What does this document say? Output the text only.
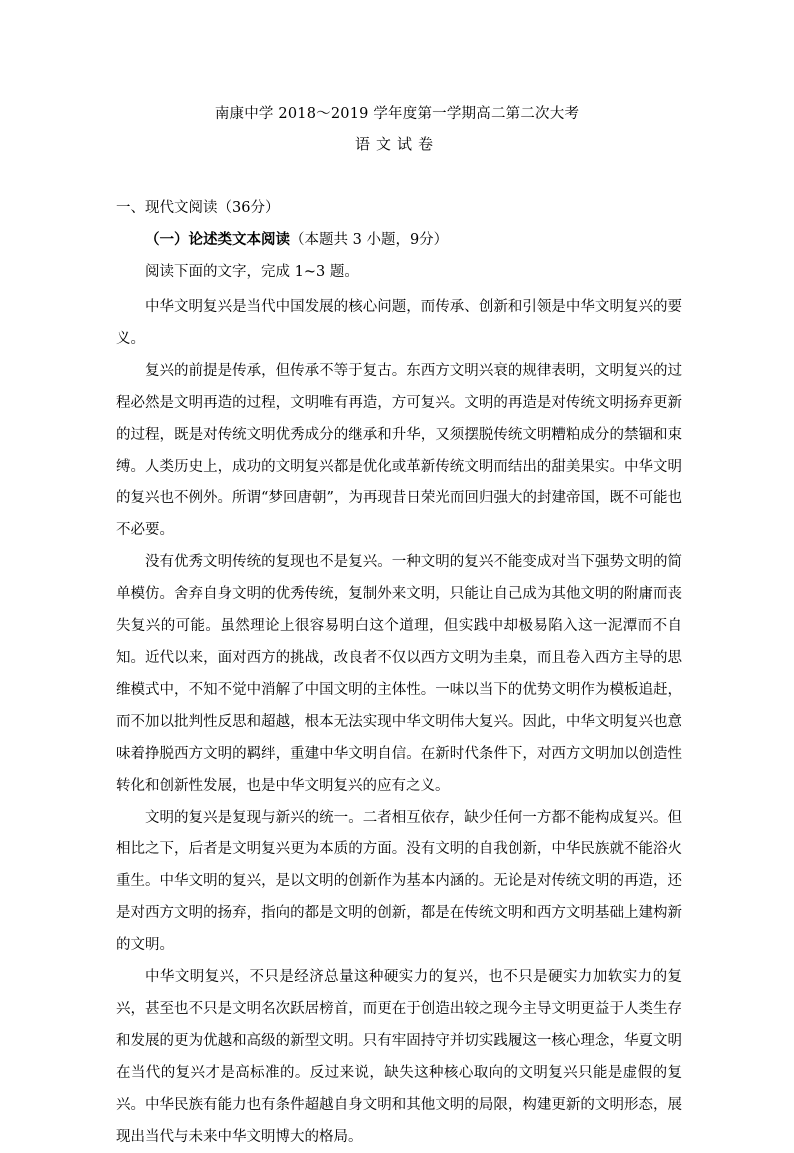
南康中学 2018～2019 学年度第一学期高二第二次大考
语文试卷
一、现代文阅读（36分）
（一）论述类文本阅读（本题共 3 小题，9分）
阅读下面的文字，完成 1~3 题。

中华文明复兴是当代中国发展的核心问题，而传承、创新和引领是中华文明复兴的要义。

复兴的前提是传承，但传承不等于复古。东西方文明兴衰的规律表明，文明复兴的过程必然是文明再造的过程，文明唯有再造，方可复兴。文明的再造是对传统文明扬弃更新的过程，既是对传统文明优秀成分的继承和升华，又须摆脱传统文明糟粕成分的禁锢和束缚。人类历史上，成功的文明复兴都是优化或革新传统文明而结出的甜美果实。中华文明的复兴也不例外。所谓“梦回唐朝”，为再现昔日荣光而回归强大的封建帝国，既不可能也不必要。

没有优秀文明传统的复现也不是复兴。一种文明的复兴不能变成对当下强势文明的简单模仿。舍弃自身文明的优秀传统，复制外来文明，只能让自己成为其他文明的附庸而丧失复兴的可能。虽然理论上很容易明白这个道理，但实践中却极易陷入这一泥潭而不自知。近代以来，面对西方的挑战，改良者不仅以西方文明为圭臬，而且卷入西方主导的思维模式中，不知不觉中消解了中国文明的主体性。一味以当下的优势文明作为模板追赶，而不加以批判性反思和超越，根本无法实现中华文明伟大复兴。因此，中华文明复兴也意味着挣脱西方文明的羁绊，重建中华文明自信。在新时代条件下，对西方文明加以创造性转化和创新性发展，也是中华文明复兴的应有之义。

文明的复兴是复现与新兴的统一。二者相互依存，缺少任何一方都不能构成复兴。但相比之下，后者是文明复兴更为本质的方面。没有文明的自我创新，中华民族就不能浴火重生。中华文明的复兴，是以文明的创新作为基本内涵的。无论是对传统文明的再造，还是对西方文明的扬弃，指向的都是文明的创新，都是在传统文明和西方文明基础上建构新的文明。

中华文明复兴，不只是经济总量这种硬实力的复兴，也不只是硬实力加软实力的复兴，甚至也不只是文明名次跃居榜首，而更在于创造出较之现今主导文明更益于人类生存和发展的更为优越和高级的新型文明。只有牢固持守并切实践履这一核心理念，华夏文明在当代的复兴才是高标准的。反过来说，缺失这种核心取向的文明复兴只能是虚假的复兴。中华民族有能力也有条件超越自身文明和其他文明的局限，构建更新的文明形态，展现出当代与未来中华文明博大的格局。
